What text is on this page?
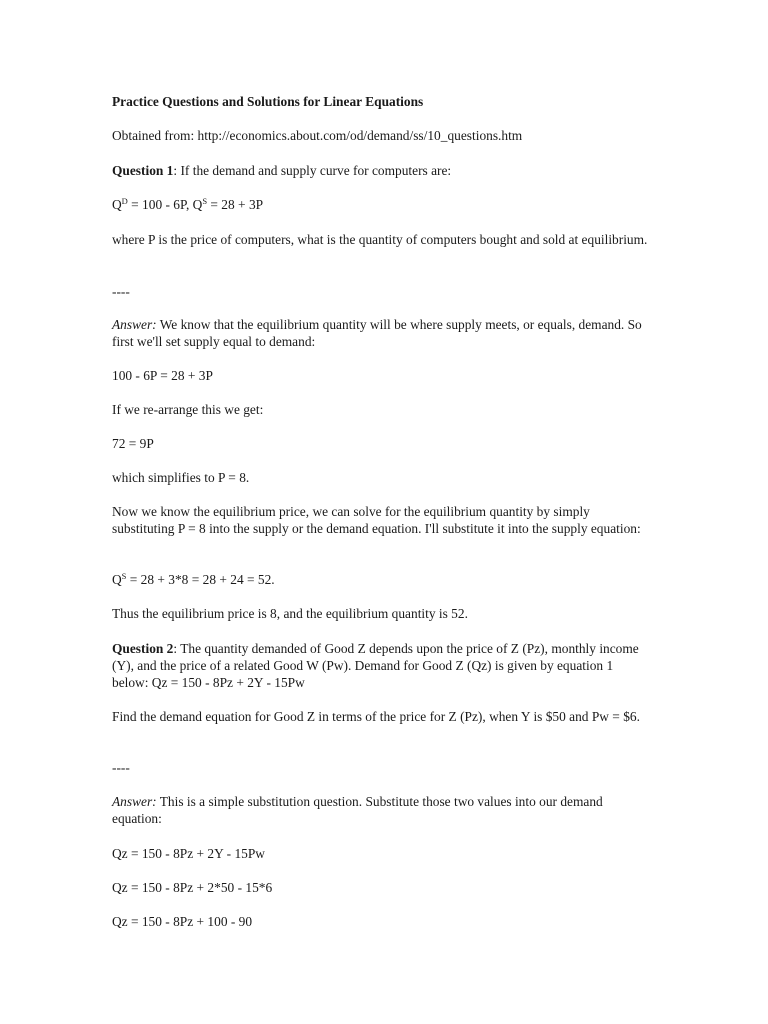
Practice Questions and Solutions for Linear Equations
Obtained from: http://economics.about.com/od/demand/ss/10_questions.htm
Question 1: If the demand and supply curve for computers are:
$Q^D = 100 - 6P$, $Q^S = 28 + 3P$
where P is the price of computers, what is the quantity of computers bought and sold at equilibrium.
----
Answer: We know that the equilibrium quantity will be where supply meets, or equals, demand. So first we'll set supply equal to demand:
100 - 6P = 28 + 3P
If we re-arrange this we get:
72 = 9P
which simplifies to P = 8.
Now we know the equilibrium price, we can solve for the equilibrium quantity by simply substituting P = 8 into the supply or the demand equation. I'll substitute it into the supply equation:
$Q^S = 28 + 3*8 = 28 + 24 = 52$.
Thus the equilibrium price is 8, and the equilibrium quantity is 52.
Question 2: The quantity demanded of Good Z depends upon the price of Z (Pz), monthly income (Y), and the price of a related Good W (Pw). Demand for Good Z (Qz) is given by equation 1 below: Qz = 150 - 8Pz + 2Y - 15Pw
Find the demand equation for Good Z in terms of the price for Z (Pz), when Y is $50 and Pw = $6.
----
Answer: This is a simple substitution question. Substitute those two values into our demand equation:
Qz = 150 - 8Pz + 2Y - 15Pw
Qz = 150 - 8Pz + 2*50 - 15*6
Qz = 150 - 8Pz + 100 - 90
